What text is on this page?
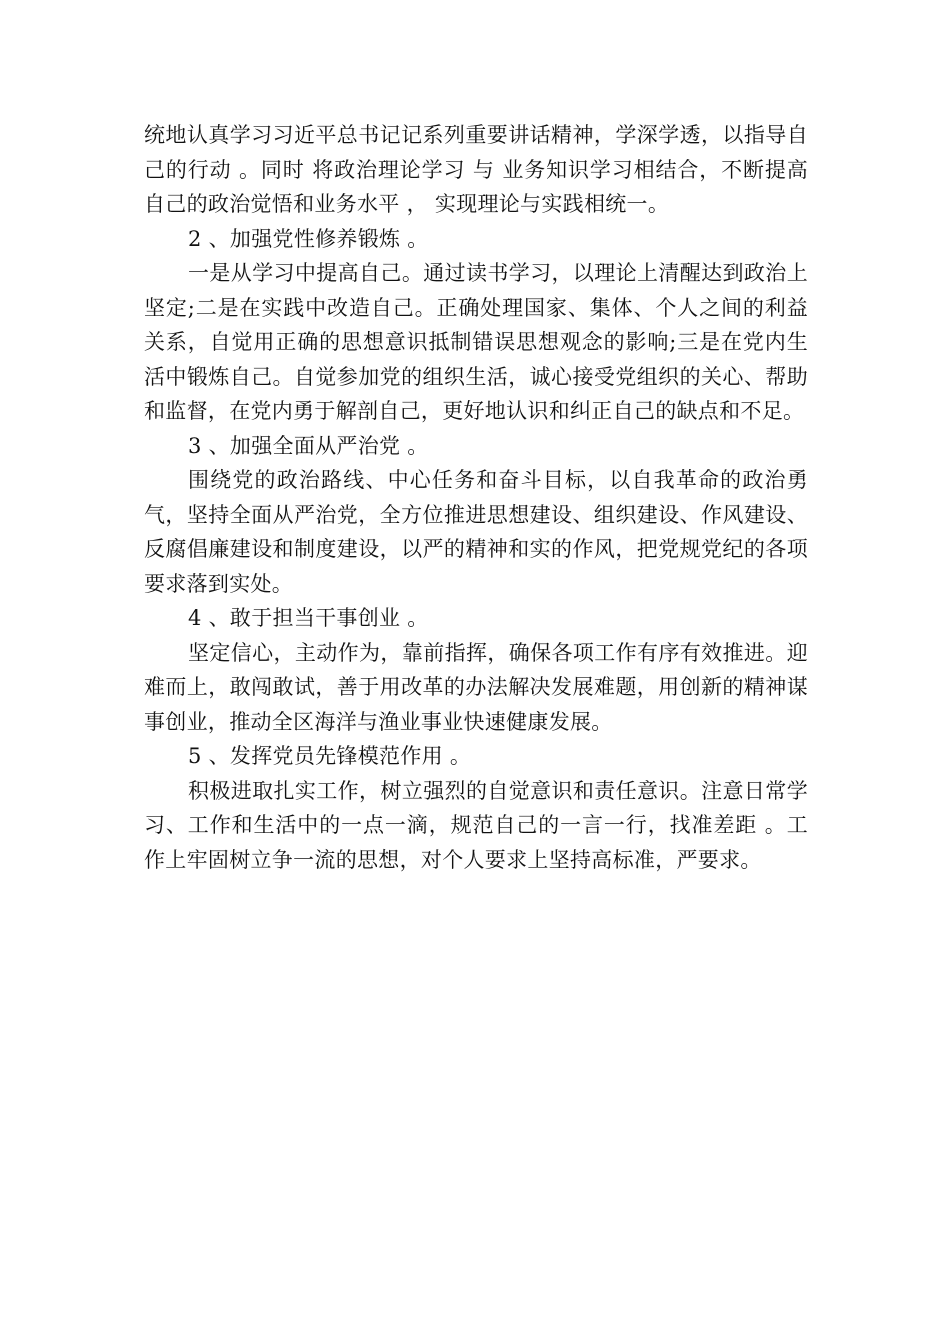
统地认真学习习近平总书记记系列重要讲话精神，学深学透，以指导自己的行动 。同时 将政治理论学习 与 业务知识学习相结合，不断提高自己的政治觉悟和业务水平 ， 实现理论与实践相统一。

2 、加强党性修养锻炼 。

一是从学习中提高自己。通过读书学习，以理论上清醒达到政治上坚定;二是在实践中改造自己。正确处理国家、集体、个人之间的利益关系，自觉用正确的思想意识抵制错误思想观念的影响;三是在党内生活中锻炼自己。自觉参加党的组织生活，诚心接受党组织的关心、帮助和监督，在党内勇于解剖自己，更好地认识和纠正自己的缺点和不足。

3 、加强全面从严治党 。

围绕党的政治路线、中心任务和奋斗目标，以自我革命的政治勇气，坚持全面从严治党，全方位推进思想建设、组织建设、作风建设、反腐倡廉建设和制度建设，以严的精神和实的作风，把党规党纪的各项要求落到实处。

4 、敢于担当干事创业 。

坚定信心，主动作为，靠前指挥，确保各项工作有序有效推进。迎难而上，敢闯敢试，善于用改革的办法解决发展难题，用创新的精神谋事创业，推动全区海洋与渔业事业快速健康发展。

5 、发挥党员先锋模范作用 。

积极进取扎实工作，树立强烈的自觉意识和责任意识。注意日常学习、工作和生活中的一点一滴，规范自己的一言一行，找准差距 。工作上牢固树立争一流的思想，对个人要求上坚持高标准，严要求。
